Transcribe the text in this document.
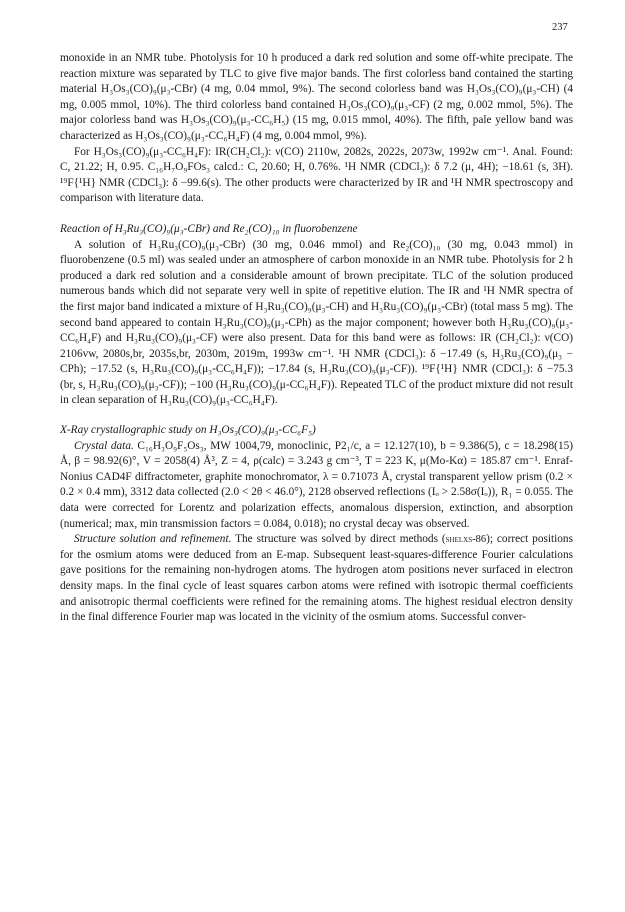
237

monoxide in an NMR tube. Photolysis for 10 h produced a dark red solution and some off-white precipate. The reaction mixture was separated by TLC to give five major bands. The first colorless band contained the starting material H₃Os₃(CO)₉(μ₃-CBr) (4 mg, 0.04 mmol, 9%). The second colorless band was H₃Os₃(CO)₉(μ₃-CH) (4 mg, 0.005 mmol, 10%). The third colorless band contained H₃Os₃(CO)₉(μ₃-CF) (2 mg, 0.002 mmol, 5%). The major colorless band was H₃Os₃(CO)₉(μ₃-CC₆H₅) (15 mg, 0.015 mmol, 40%). The fifth, pale yellow band was characterized as H₃Os₃(CO)₉(μ₃-CC₆H₄F) (4 mg, 0.004 mmol, 9%).

For H₃Os₃(CO)₉(μ₃-CC₆H₄F): IR(CH₂Cl₂): ν(CO) 2110w, 2082s, 2022s, 2073w, 1992w cm⁻¹. Anal. Found: C, 21.22; H, 0.95. C₁₆H₇O₉FOs₃ calcd.: C, 20.60; H, 0.76%. ¹H NMR (CDCl₃): δ 7.2 (μ, 4H); −18.61 (s, 3H). ¹⁹F{¹H} NMR (CDCl₃): δ −99.6(s). The other products were characterized by IR and ¹H NMR spectroscopy and comparison with literature data.

Reaction of H₃Ru₃(CO)₉(μ₃-CBr) and Re₂(CO)₁₀ in fluorobenzene

A solution of H₃Ru₃(CO)₉(μ₃-CBr) (30 mg, 0.046 mmol) and Re₂(CO)₁₀ (30 mg, 0.043 mmol) in fluorobenzene (0.5 ml) was sealed under an atmosphere of carbon monoxide in an NMR tube. Photolysis for 2 h produced a dark red solution and a considerable amount of brown precipitate. TLC of the solution produced numerous bands which did not separate very well in spite of repetitive elution. The IR and ¹H NMR spectra of the first major band indicated a mixture of H₃Ru₃(CO)₉(μ₃-CH) and H₃Ru₃(CO)₉(μ₃-CBr) (total mass 5 mg). The second band appeared to contain H₃Ru₃(CO)₉(μ₃-CPh) as the major component; however both H₃Ru₃(CO)₉(μ₃-CC₆H₄F) and H₃Ru₃(CO)₉(μ₃-CF) were also present. Data for this band were as follows: IR (CH₂Cl₂): ν(CO) 2106vw, 2080s,br, 2035s,br, 2030m, 2019m, 1993w cm⁻¹. ¹H NMR (CDCl₃): δ −17.49 (s, H₃Ru₃(CO)₉(μ₃ − CPh); −17.52 (s, H₃Ru₃(CO)₉(μ₃-CC₆H₄F)); −17.84 (s, H₃Ru₃(CO)₉(μ₃-CF)). ¹⁹F{¹H} NMR (CDCl₃): δ −75.3 (br, s, H₃Ru₃(CO)₉(μ₃-CF)); −100 (H₃Ru₃(CO)₉(μ-CC₆H₄F)). Repeated TLC of the product mixture did not result in clean separation of H₃Ru₃(CO)₉(μ₃-CC₆H₄F).

X-Ray crystallographic study on H₃Os₃(CO)₉(μ₃-CC₆F₅)

Crystal data. C₁₆H₃O₉F₅Os₃, MW 1004,79, monoclinic, P2₁/c, a = 12.127(10), b = 9.386(5), c = 18.298(15) Å, β = 98.92(6)°, V = 2058(4) Å³, Z = 4, ρ(calc) = 3.243 g cm⁻³, T = 223 K, μ(Mo-Kα) = 185.87 cm⁻¹. Enraf-Nonius CAD4F diffractometer, graphite monochromator, λ = 0.71073 Å, crystal transparent yellow prism (0.2 × 0.2 × 0.4 mm), 3312 data collected (2.0 < 2θ < 46.0°), 2128 observed reflections (Iₒ > 2.58σ(Iₒ)), R₁ = 0.055. The data were corrected for Lorentz and polarization effects, anomalous dispersion, extinction, and absorption (numerical; max, min transmission factors = 0.084, 0.018); no crystal decay was observed.

Structure solution and refinement. The structure was solved by direct methods (shelxs-86); correct positions for the osmium atoms were deduced from an E-map. Subsequent least-squares-difference Fourier calculations gave positions for the remaining non-hydrogen atoms. The hydrogen atom positions never surfaced in electron density maps. In the final cycle of least squares carbon atoms were refined with isotropic thermal coefficients and anisotropic thermal coefficients were refined for the remaining atoms. The highest residual electron density in the final difference Fourier map was located in the vicinity of the osmium atoms. Successful conver-
